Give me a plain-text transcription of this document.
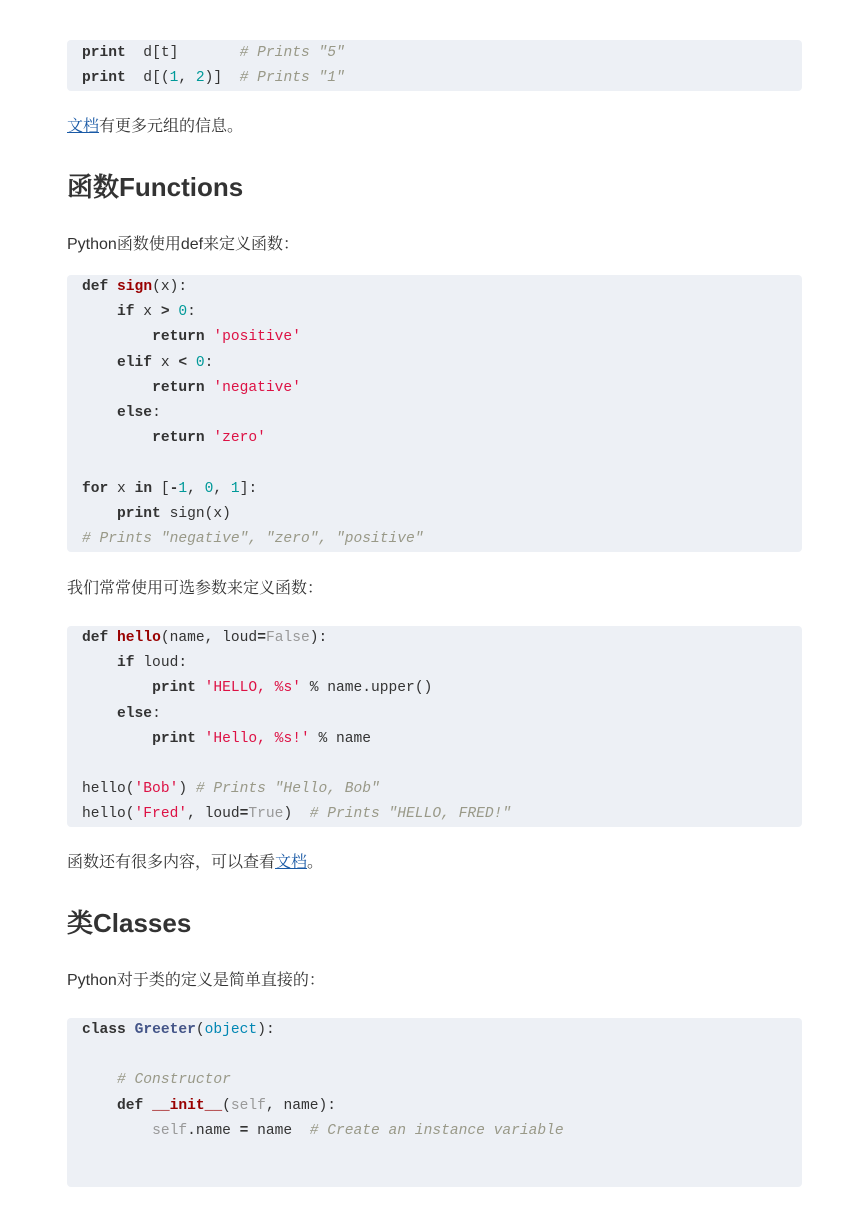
print  d[t]       # Prints "5"
print  d[(1, 2)]  # Prints "1"
文档有更多元组的信息。
函数Functions
Python函数使用def来定义函数：
def sign(x):
if x > 0:
return 'positive'
elif x < 0:
return 'negative'
else:
return 'zero'
for x in [-1, 0, 1]:
print sign(x)
# Prints "negative", "zero", "positive"
我们常常使用可选参数来定义函数：
def hello(name, loud=False):
if loud:
print 'HELLO, %s' % name.upper()
else:
print 'Hello, %s!' % name
hello('Bob') # Prints "Hello, Bob"
hello('Fred', loud=True)  # Prints "HELLO, FRED!"
函数还有很多内容，可以查看文档。
类Classes
Python对于类的定义是简单直接的：
class Greeter(object):
# Constructor
def __init__(self, name):
self.name = name  # Create an instance variable
